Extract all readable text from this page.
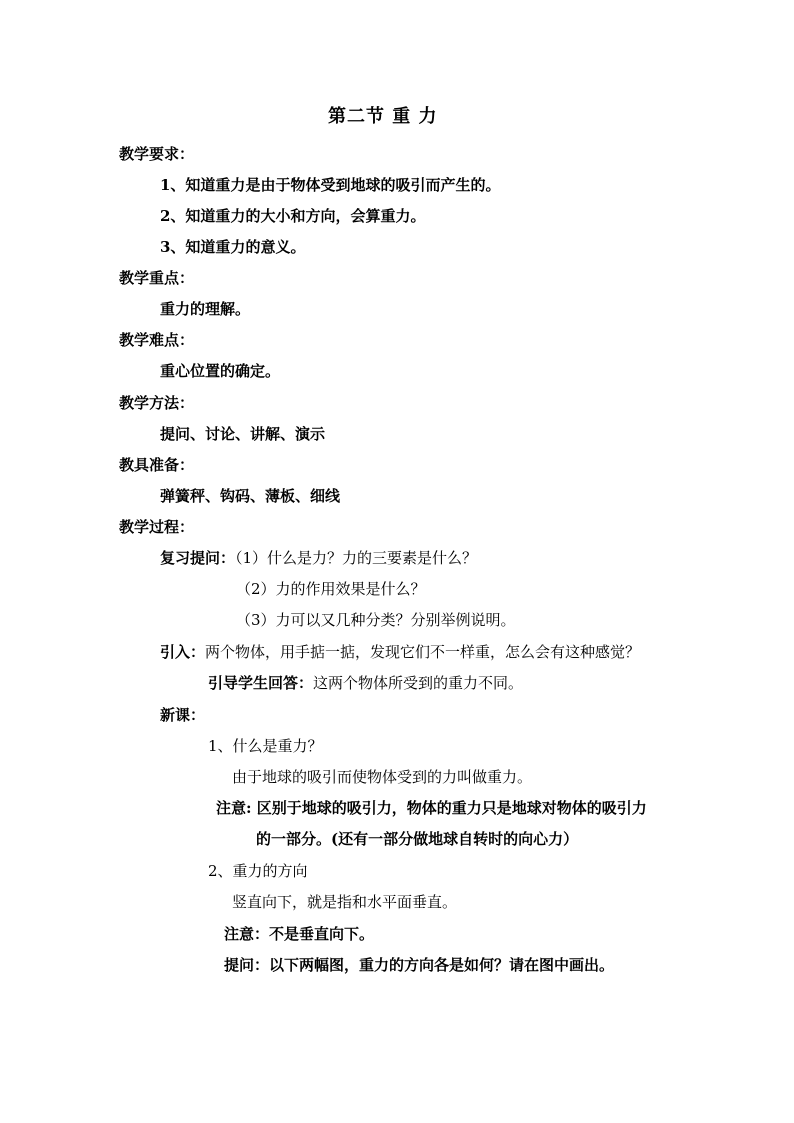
第二节 重 力
教学要求：
1、知道重力是由于物体受到地球的吸引而产生的。
2、知道重力的大小和方向，会算重力。
3、知道重力的意义。
教学重点：
重力的理解。
教学难点：
重心位置的确定。
教学方法：
提问、讨论、讲解、演示
教具准备：
弹簧秤、钩码、薄板、细线
教学过程：
复习提问：（1）什么是力？力的三要素是什么？
（2）力的作用效果是什么？
（3）力可以又几种分类？分别举例说明。
引入：两个物体，用手掂一掂，发现它们不一样重，怎么会有这种感觉？
引导学生回答：这两个物体所受到的重力不同。
新课：
1、什么是重力？
由于地球的吸引而使物体受到的力叫做重力。
注意: 区别于地球的吸引力，物体的重力只是地球对物体的吸引力
的一部分。(还有一部分做地球自转时的向心力）
2、重力的方向
竖直向下，就是指和水平面垂直。
注意：不是垂直向下。
提问：以下两幅图，重力的方向各是如何？请在图中画出。
